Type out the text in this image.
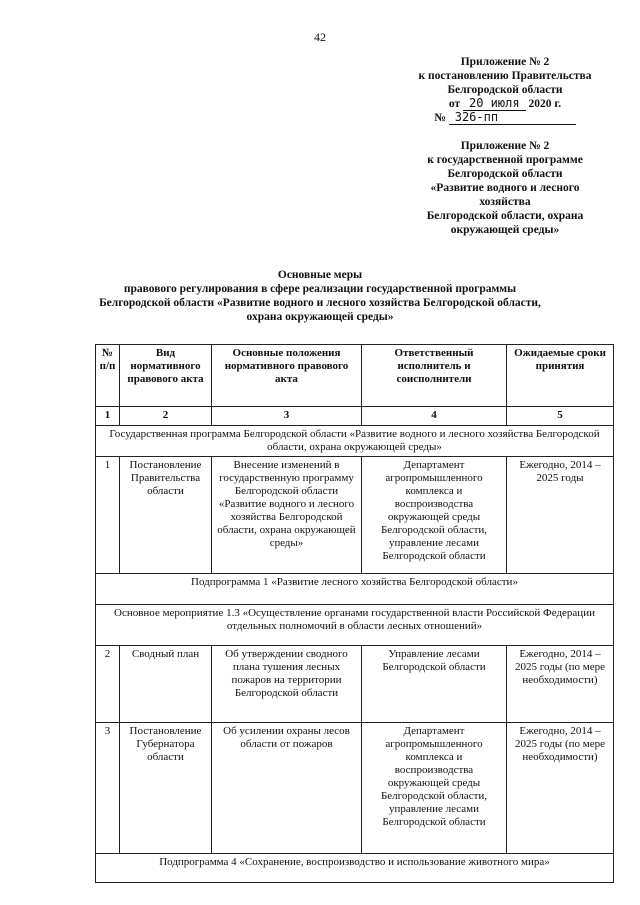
42
Приложение № 2
к постановлению Правительства
Белгородской области
от 20 июля 2020 г.
№ 326-пп
Приложение № 2
к государственной программе
Белгородской области
«Развитие водного и лесного
хозяйства
Белгородской области, охрана
окружающей среды»
Основные меры
правового регулирования в сфере реализации государственной программы
Белгородской области «Развитие водного и лесного хозяйства Белгородской области,
охрана окружающей среды»
№ п/п	Вид нормативного правового акта	Основные положения нормативного правового акта	Ответственный исполнитель и соисполнители	Ожидаемые сроки принятия
1	2	3	4	5
Государственная программа Белгородской области «Развитие водного и лесного хозяйства Белгородской области, охрана окружающей среды»				
1	Постановление Правительства области	Внесение изменений в государственную программу Белгородской области «Развитие водного и лесного хозяйства Белгородской области, охрана окружающей среды»	Департамент агропромышленного комплекса и воспроизводства окружающей среды Белгородской области, управление лесами Белгородской области	Ежегодно, 2014 – 2025 годы
Подпрограмма 1 «Развитие лесного хозяйства Белгородской области»				
Основное мероприятие 1.3 «Осуществление органами государственной власти Российской Федерации отдельных полномочий в области лесных отношений»				
2	Сводный план	Об утверждении сводного плана тушения лесных пожаров на территории Белгородской области	Управление лесами Белгородской области	Ежегодно, 2014 – 2025 годы (по мере необходимости)
3	Постановление Губернатора области	Об усилении охраны лесов области от пожаров	Департамент агропромышленного комплекса и воспроизводства окружающей среды Белгородской области, управление лесами Белгородской области	Ежегодно, 2014 – 2025 годы (по мере необходимости)
Подпрограмма 4 «Сохранение, воспроизводство и использование животного мира»				
